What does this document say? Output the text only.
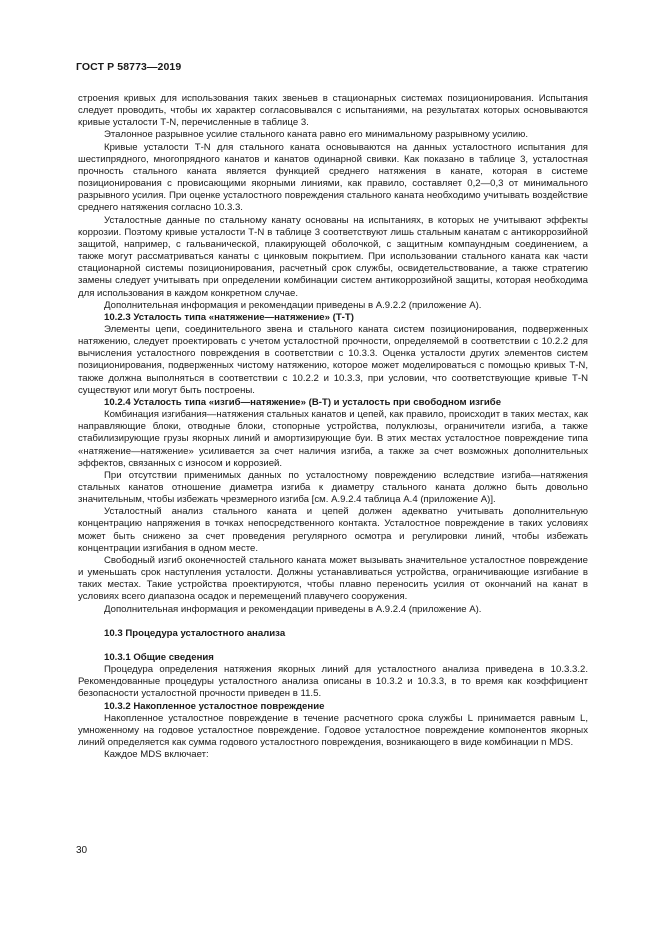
ГОСТ Р 58773—2019

строения кривых для использования таких звеньев в стационарных системах позиционирования. Испытания следует проводить, чтобы их характер согласовывался с испытаниями, на результатах которых основываются кривые усталости Т-N, перечисленные в таблице 3.

Эталонное разрывное усилие стального каната равно его минимальному разрывному усилию.

Кривые усталости Т-N для стального каната основываются на данных усталостного испытания для шестипрядного, многопрядного канатов и канатов одинарной свивки. Как показано в таблице 3, усталостная прочность стального каната является функцией среднего натяжения в канате, которая в системе позиционирования с провисающими якорными линиями, как правило, составляет 0,2—0,3 от минимального разрывного усилия. При оценке усталостного повреждения стального каната необходимо учитывать воздействие среднего натяжения согласно 10.3.3.

Усталостные данные по стальному канату основаны на испытаниях, в которых не учитывают эффекты коррозии. Поэтому кривые усталости Т-N в таблице 3 соответствуют лишь стальным канатам с антикоррозийной защитой, например, с гальванической, плакирующей оболочкой, с защитным компаундным соединением, а также могут рассматриваться канаты с цинковым покрытием. При использовании стального каната как части стационарной системы позиционирования, расчетный срок службы, освидетельствование, а также стратегию замены следует учитывать при определении комбинации систем антикоррозийной защиты, которая необходима для использования в каждом конкретном случае.

Дополнительная информация и рекомендации приведены в А.9.2.2 (приложение А).

10.2.3 Усталость типа «натяжение—натяжение» (Т-Т)

Элементы цепи, соединительного звена и стального каната систем позиционирования, подверженных натяжению, следует проектировать с учетом усталостной прочности, определяемой в соответствии с 10.2.2 для вычисления усталостного повреждения в соответствии с 10.3.3. Оценка усталости других элементов систем позиционирования, подверженных чистому натяжению, которое может моделироваться с помощью кривых Т-N, также должна выполняться в соответствии с 10.2.2 и 10.3.3, при условии, что соответствующие кривые Т-N существуют или могут быть построены.

10.2.4 Усталость типа «изгиб—натяжение» (В-Т) и усталость при свободном изгибе

Комбинация изгибания—натяжения стальных канатов и цепей, как правило, происходит в таких местах, как направляющие блоки, отводные блоки, стопорные устройства, полуклюзы, ограничители изгиба, а также стабилизирующие грузы якорных линий и амортизирующие буи. В этих местах усталостное повреждение типа «натяжение—натяжение» усиливается за счет наличия изгиба, а также за счет возможных дополнительных эффектов, связанных с износом и коррозией.

При отсутствии применимых данных по усталостному повреждению вследствие изгиба—натяжения стальных канатов отношение диаметра изгиба к диаметру стального каната должно быть довольно значительным, чтобы избежать чрезмерного изгиба [см. А.9.2.4 таблица А.4 (приложение А)].

Усталостный анализ стального каната и цепей должен адекватно учитывать дополнительную концентрацию напряжения в точках непосредственного контакта. Усталостное повреждение в таких условиях может быть снижено за счет проведения регулярного осмотра и регулировки линий, чтобы избежать концентрации изгибания в одном месте.

Свободный изгиб оконечностей стального каната может вызывать значительное усталостное повреждение и уменьшать срок наступления усталости. Должны устанавливаться устройства, ограничивающие изгибание в таких местах. Такие устройства проектируются, чтобы плавно переносить усилия от окончаний на канат в условиях всего диапазона осадок и перемещений плавучего сооружения.

Дополнительная информация и рекомендации приведены в А.9.2.4 (приложение А).

10.3 Процедура усталостного анализа

10.3.1 Общие сведения

Процедура определения натяжения якорных линий для усталостного анализа приведена в 10.3.3.2. Рекомендованные процедуры усталостного анализа описаны в 10.3.2 и 10.3.3, в то время как коэффициент безопасности усталостной прочности приведен в 11.5.

10.3.2 Накопленное усталостное повреждение

Накопленное усталостное повреждение в течение расчетного срока службы L принимается равным L, умноженному на годовое усталостное повреждение. Годовое усталостное повреждение компонентов якорных линий определяется как сумма годового усталостного повреждения, возникающего в виде комбинации n MDS.

Каждое MDS включает:

30
